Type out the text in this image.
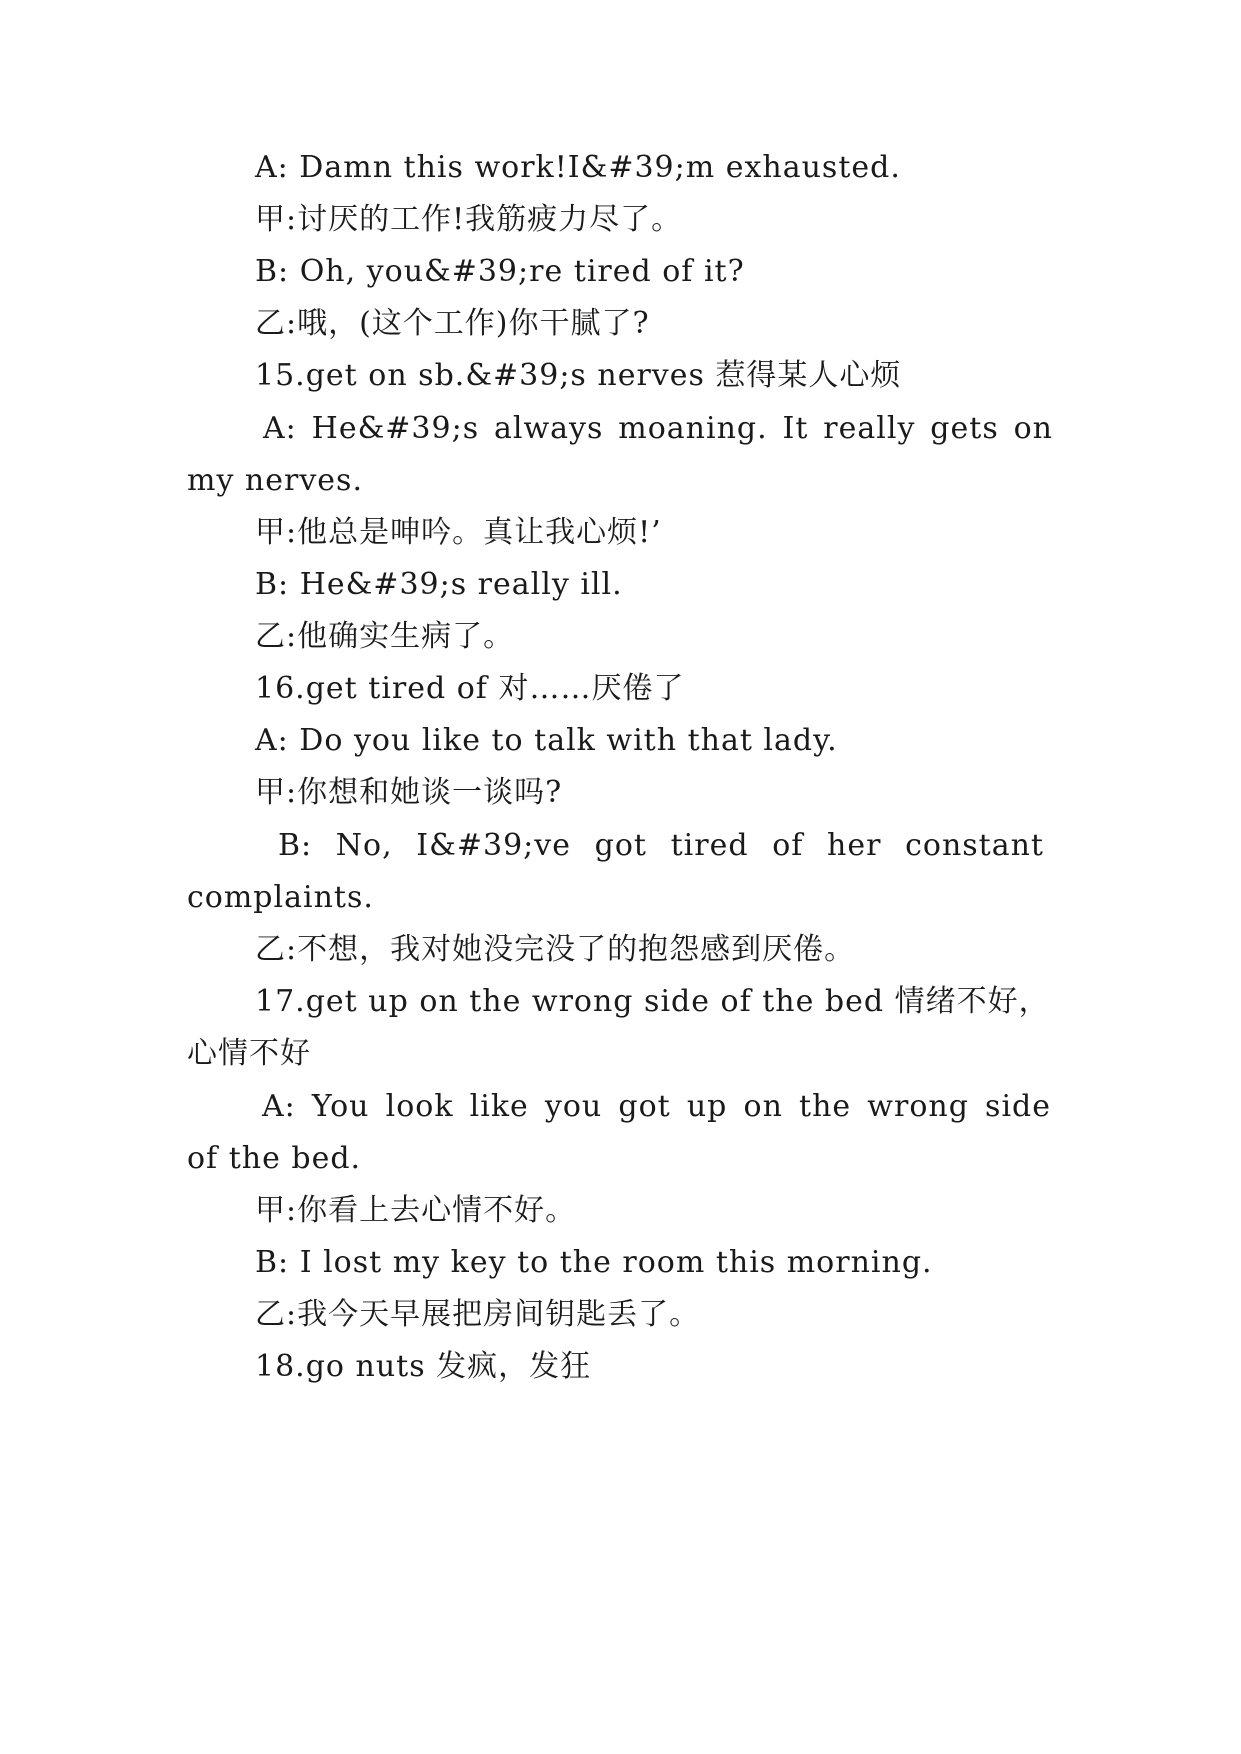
A: Damn this work!I&#39;m exhausted.
甲:讨厌的工作!我筋疲力尽了。
B: Oh, you&#39;re tired of it?
乙:哦，(这个工作)你干腻了?
15.get on sb.&#39;s nerves 惹得某人心烦
A: He&#39;s always moaning. It really gets on
my nerves.
甲:他总是呻吟。真让我心烦!’
B: He&#39;s really ill.
乙:他确实生病了。
16.get tired of 对……厌倦了
A: Do you like to talk with that lady.
甲:你想和她谈一谈吗?
B: No, I&#39;ve got tired of her constant
complaints.
乙:不想，我对她没完没了的抱怨感到厌倦。
17.get up on the wrong side of the bed 情绪不好，
心情不好
A: You look like you got up on the wrong side
of the bed.
甲:你看上去心情不好。
B: I lost my key to the room this morning.
乙:我今天早展把房间钥匙丢了。
18.go nuts 发疯，发狂
